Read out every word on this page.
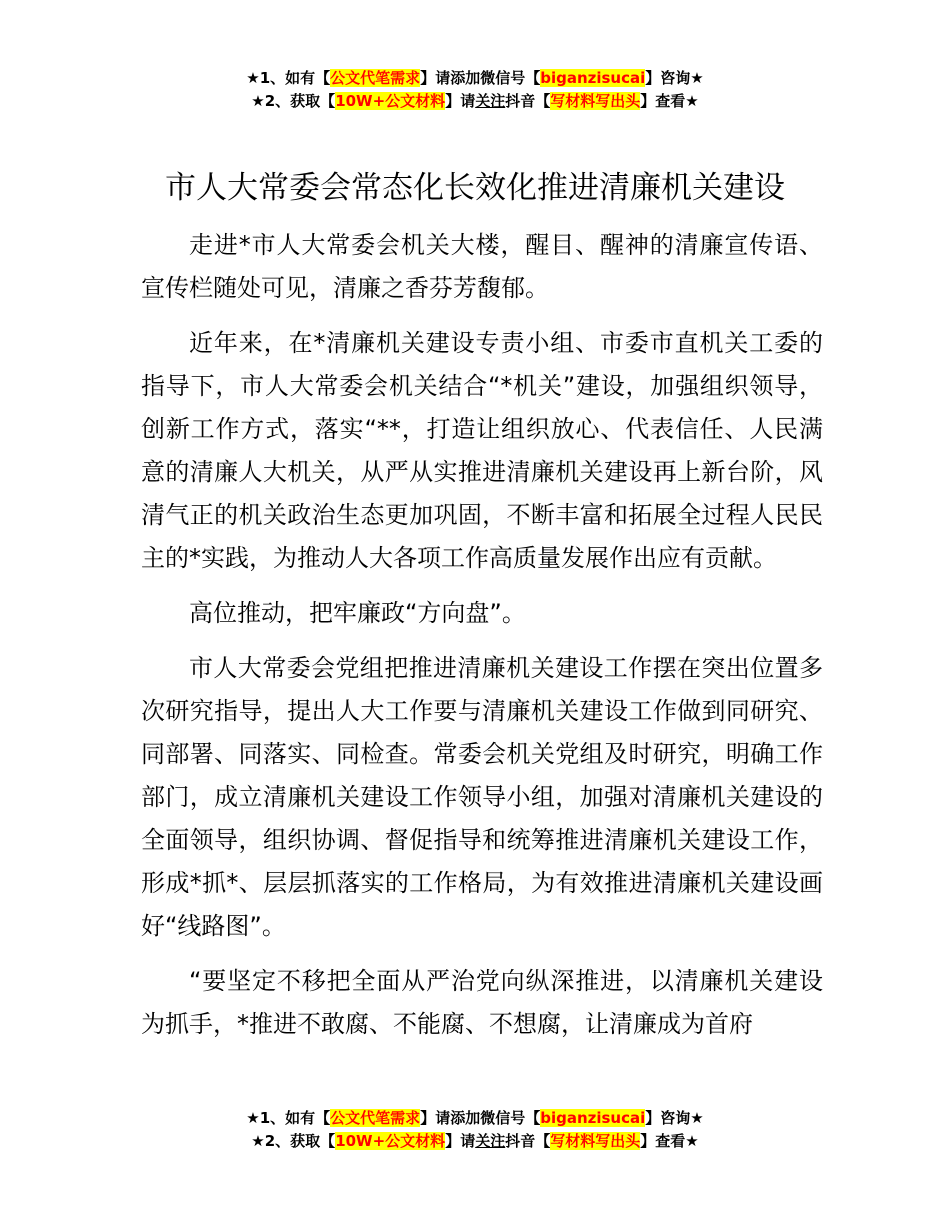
★1、如有【公文代笔需求】请添加微信号【biganzisucai】咨询★
★2、获取【10W+公文材料】请关注抖音【写材料写出头】查看★
市人大常委会常态化长效化推进清廉机关建设

走进*市人大常委会机关大楼，醒目、醒神的清廉宣传语、宣传栏随处可见，清廉之香芬芳馥郁。

近年来，在*清廉机关建设专责小组、市委市直机关工委的指导下，市人大常委会机关结合“*机关”建设，加强组织领导，创新工作方式，落实“**，打造让组织放心、代表信任、人民满意的清廉人大机关，从严从实推进清廉机关建设再上新台阶，风清气正的机关政治生态更加巩固，不断丰富和拓展全过程人民民主的*实践，为推动人大各项工作高质量发展作出应有贡献。

高位推动，把牢廉政“方向盘”。

市人大常委会党组把推进清廉机关建设工作摆在突出位置多次研究指导，提出人大工作要与清廉机关建设工作做到同研究、同部署、同落实、同检查。常委会机关党组及时研究，明确工作部门，成立清廉机关建设工作领导小组，加强对清廉机关建设的全面领导，组织协调、督促指导和统筹推进清廉机关建设工作，形成*抓*、层层抓落实的工作格局，为有效推进清廉机关建设画好“线路图”。

“要坚定不移把全面从严治党向纵深推进，以清廉机关建设为抓手，*推进不敢腐、不能腐、不想腐，让清廉成为首府

★1、如有【公文代笔需求】请添加微信号【biganzisucai】咨询★
★2、获取【10W+公文材料】请关注抖音【写材料写出头】查看★
